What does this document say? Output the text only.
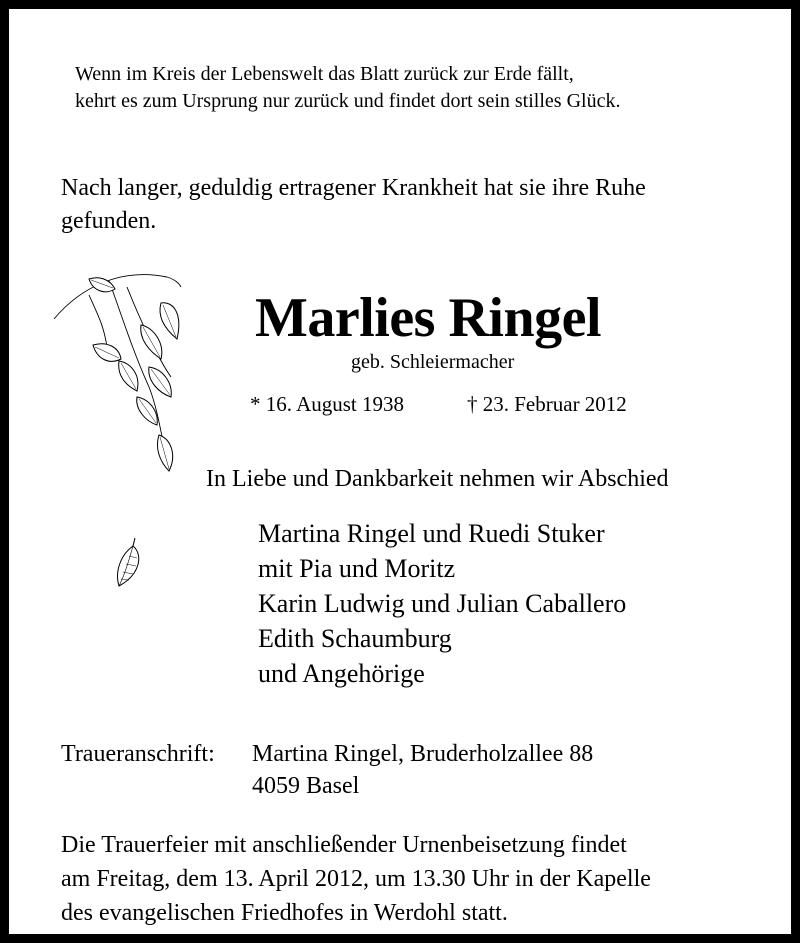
Wenn im Kreis der Lebenswelt das Blatt zurück zur Erde fällt,
kehrt es zum Ursprung nur zurück und findet dort sein stilles Glück.
Nach langer, geduldig ertragener Krankheit hat sie ihre Ruhe
gefunden.
Marlies Ringel
geb. Schleiermacher
* 16. August 1938	† 23. Februar 2012
In Liebe und Dankbarkeit nehmen wir Abschied
Martina Ringel und Ruedi Stuker
mit Pia und Moritz
Karin Ludwig und Julian Caballero
Edith Schaumburg
und Angehörige
Traueranschrift: Martina Ringel, Bruderholzallee 88
4059 Basel
Die Trauerfeier mit anschließender Urnenbeisetzung findet
am Freitag, dem 13. April 2012, um 13.30 Uhr in der Kapelle
des evangelischen Friedhofes in Werdohl statt.
